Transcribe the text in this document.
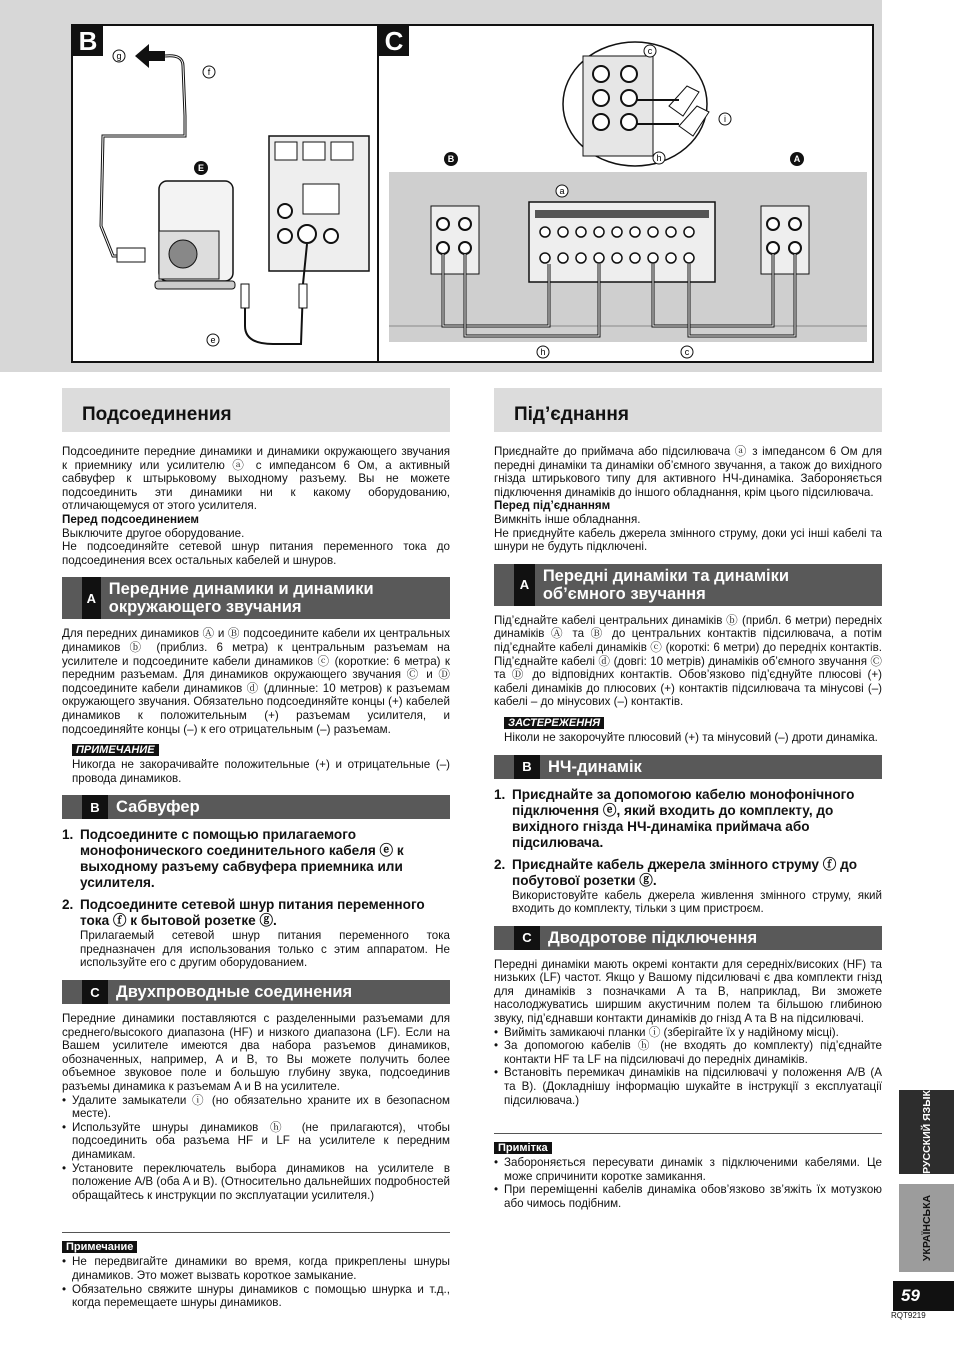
B	g
f
E
e
C	c
i
h
B	A
a
h	c
Подсоединения

Подсоедините передние динамики и динамики окружающего звучания к приемнику или усилителю ⓐ с импедансом 6 Ом, а активный сабвуфер к штырьковому выходному разъему. Вы не можете подсоединить эти динамики ни к какому оборудованию, отличающемуся от этого усилителя.

Перед подсоединением

Выключите другое оборудование.

Не подсоединяйте сетевой шнур питания переменного тока до подсоединения всех остальных кабелей и шнуров.

A Передние динамики и динамики окружающего звучания

Для передних динамиков Ⓐ и Ⓑ подсоедините кабели их центральных динамиков ⓑ (приблиз. 6 метра) к центральным разъемам на усилителе и подсоедините кабели динамиков ⓒ (короткие: 6 метра) к передним разъемам. Для динамиков окружающего звучания Ⓒ и Ⓓ подсоедините кабели динамиков ⓓ (длинные: 10 метров) к разъемам окружающего звучания. Обязательно подсоединяйте концы (+) кабелей динамиков к положительным (+) разъемам усилителя, и подсоединяйте концы (–) к его отрицательным (–) разъемам.

ПРИМЕЧАНИЕ

Никогда не закорачивайте положительные (+) и отрицательные (–) провода динамиков.

B Сабвуфер
1. Подсоедините с помощью прилагаемого монофонического соединительного кабеля ⓔ к выходному разъему сабвуфера приемника или усилителя.
2. Подсоедините сетевой шнур питания переменного тока ⓕ к бытовой розетке ⓖ.

Прилагаемый сетевой шнур питания переменного тока предназначен для использования только с этим аппаратом. Не используйте его с другим оборудованием.

C Двухпроводные соединения

Передние динамики поставляются с разделенными разъемами для среднего/высокого диапазона (HF) и низкого диапазона (LF). Если на Вашем усилителе имеются два набора разъемов динамиков, обозначенных, например, A и B, то Вы можете получить более объемное звуковое поле и большую глубину звука, подсоединив разъемы динамика к разъемам A и B на усилителе.

• Удалите замыкатели ⓘ (но обязательно храните их в безопасном месте).
• Используйте шнуры динамиков ⓗ (не прилагаются), чтобы подсоединить оба разъема HF и LF на усилителе к передним динамикам.
• Установите переключатель выбора динамиков на усилителе в положение A/B (оба A и B). (Относительно дальнейших подробностей обращайтесь к инструкции по эксплуатации усилителя.)
Примечание
• Не передвигайте динамики во время, когда прикреплены шнуры динамиков. Это может вызвать короткое замыкание.
• Обязательно свяжите шнуры динамиков с помощью шнурка и т.д., когда перемещаете шнуры динамиков.
Під’єднання

Приєднайте до приймача або підсилювача ⓐ з імпедансом 6 Ом для передні динаміки та динаміки об’ємного звучання, а також до вихідного гнізда штирькового типу для активного НЧ-динаміка. Забороняється підключення динаміків до іншого обладнання, крім цього підсилювача.

Перед під’єднанням

Вимкніть інше обладнання.

Не приєднуйте кабель джерела змінного струму, доки усі інші кабелі та шнури не будуть підключені.

A Передні динаміки та динаміки об’ємного звучання

Під’єднайте кабелі центральних динаміків ⓑ (прибл. 6 метри) передніх динаміків Ⓐ та Ⓑ до центральних контактів підсилювача, а потім під’єднайте кабелі динаміків ⓒ (короткі: 6 метри) до передніх контактів. Під’єднайте кабелі ⓓ (довгі: 10 метрів) динаміків об’ємного звучання Ⓒ та Ⓓ до відповідних контактів. Обов’язково під’єднуйте плюсові (+) кабелі динаміків до плюсових (+) контактів підсилювача та мінусові (–) кабелі – до мінусових (–) контактів.

ЗАСТЕРЕЖЕННЯ

Ніколи не закорочуйте плюсовий (+) та мінусовий (–) дроти динаміка.

B НЧ-динамік
1. Приєднайте за допомогою кабелю монофонічного підключення ⓔ, який входить до комплекту, до вихідного гнізда НЧ-динаміка приймача або підсилювача.
2. Приєднайте кабель джерела змінного струму ⓕ до побутової розетки ⓖ.

Використовуйте кабель джерела живлення змінного струму, який входить до комплекту, тільки з цим пристроєм.

C Дводротове підключення

Передні динаміки мають окремі контакти для середніх/високих (HF) та низьких (LF) частот. Якщо у Вашому підсилювачі є два комплекти гнізд для динаміків з позначками A та B, наприклад, Ви зможете насолоджуватись ширшим акустичним полем та більшою глибиною звуку, під’єднавши контакти динаміків до гнізд A та B на підсилювачі.

• Вийміть замикаючі планки ⓘ (зберігайте їх у надійному місці).
• За допомогою кабелів ⓗ (не входять до комплекту) під’єднайте контакти HF та LF на підсилювачі до передніх динаміків.
• Встановіть перемикач динаміків на підсилювачі у положення A/B (A та B). (Докладнішу інформацію шукайте в інструкції з експлуатації підсилювача.)
Примітка
• Забороняється пересувати динамік з підключеними кабелями. Це може спричинити коротке замикання.
• При переміщенні кабелів динаміка обов’язково зв’яжіть їх мотузкою або чимось подібним.
РУССКИЙ ЯЗЫК
УКРАЇНСЬКА
59
RQT9219
